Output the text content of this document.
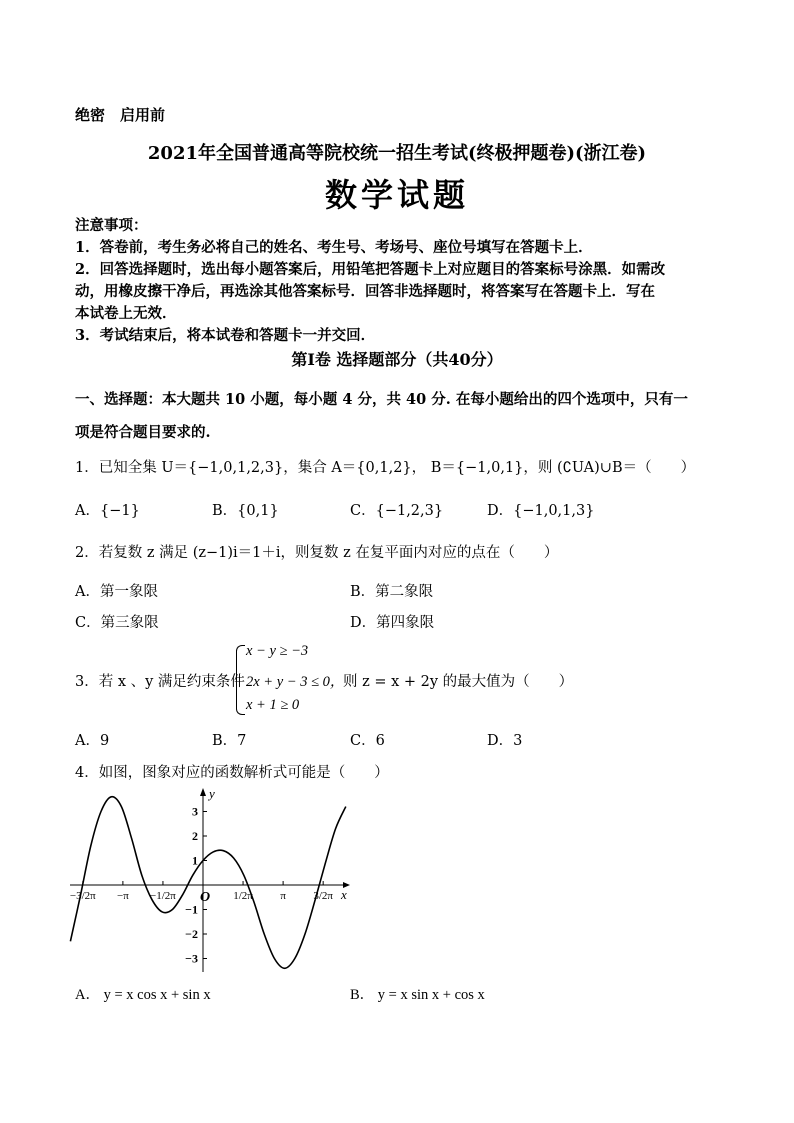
绝密　启用前
2021年全国普通高等院校统一招生考试(终极押题卷)(浙江卷)
数学试题
注意事项：
1．答卷前，考生务必将自己的姓名、考生号、考场号、座位号填写在答题卡上．
2．回答选择题时，选出每小题答案后，用铅笔把答题卡上对应题目的答案标号涂黑．如需改
动，用橡皮擦干净后，再选涂其他答案标号．回答非选择题时，将答案写在答题卡上．写在
本试卷上无效．
3．考试结束后，将本试卷和答题卡一并交回．
第Ⅰ卷 选择题部分（共40分）
一、选择题：本大题共 10 小题，每小题 4 分，共 40 分. 在每小题给出的四个选项中，只有一
项是符合题目要求的.
1．已知全集 U＝{−1,0,1,2,3}，集合 A＝{0,1,2}， B＝{−1,0,1}，则 (∁UA)∪B＝（　　）
A．{−1}	B．{0,1}	C．{−1,2,3}	D．{−1,0,1,3}
2．若复数 z 满足 (z−1)i＝1＋i，则复数 z 在复平面内对应的点在（　　）
A．第一象限	B．第二象限
C．第三象限	D．第四象限
3．若 x 、y 满足约束条件
x − y ≥ −3
2x + y − 3 ≤ 0，
x + 1 ≥ 0
则 z = x + 2y 的最大值为（　　）
A．9	B．7	C．6	D．3
4．如图，图象对应的函数解析式可能是（　　）
−3/2π −π −1/2π	1/2π π 3/2π
3
2
1
−1
−2
−3
x
y
O
A． y = x cos x + sin x	B． y = x sin x + cos x
